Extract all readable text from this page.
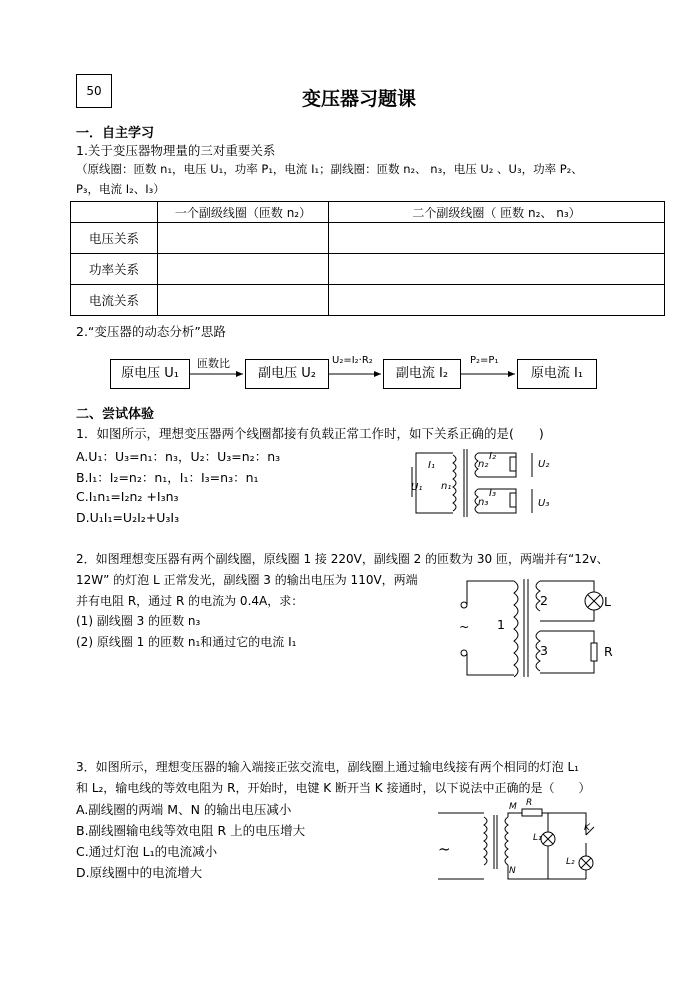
50	变压器习题课
一．自主学习
1.关于变压器物理量的三对重要关系
（原线圈：匝数 n₁，电压 U₁，功率 P₁，电流 I₁；副线圈：匝数 n₂、 n₃，电压 U₂ 、U₃，功率 P₂、
P₃，电流 I₂、I₃）
	一个副级线圈（匝数 n₂）	二个副级线圈（ 匝数 n₂、 n₃）
电压关系		
功率关系		
电流关系		
2.“变压器的动态分析”思路
原电压 U₁	副电压 U₂	副电流 I₂	原电流 I₁
匝数比	U₂=I₂·R₂	P₂=P₁
二、尝试体验
1．如图所示，理想变压器两个线圈都接有负载正常工作时，如下关系正确的是(　　)
A.U₁：U₃=n₁：n₃，U₂：U₃=n₂：n₃
B.I₁：I₂=n₂：n₁，I₁：I₃=n₃：n₁
C.I₁n₁=I₂n₂ +I₃n₃
D.U₁I₁=U₂I₂+U₃I₃
I₁
U₁ n₁
I₂
n₂	U₂
I₃
n₃	U₃
2．如图理想变压器有两个副线圈，原线圈 1 接 220V，副线圈 2 的匝数为 30 匝，两端并有“12v、
12W” 的灯泡 L 正常发光，副线圈 3 的输出电压为 110V，两端
并有电阻 R，通过 R 的电流为 0.4A，求：
(1) 副线圈 3 的匝数 n₃
(2) 原线圈 1 的匝数 n₁和通过它的电流 I₁
~ 1
2
3
L
R
3．如图所示，理想变压器的输入端接正弦交流电，副线圈上通过输电线接有两个相同的灯泡 L₁
和 L₂，输电线的等效电阻为 R，开始时，电键 K 断开当 K 接通时，以下说法中正确的是（　　）
A.副线圈的两端 M、N 的输出电压减小
B.副线圈输电线等效电阻 R 上的电压增大
C.通过灯泡 L₁的电流减小
D.原线圈中的电流增大
~
M
N
R
L₁
L₂
K
